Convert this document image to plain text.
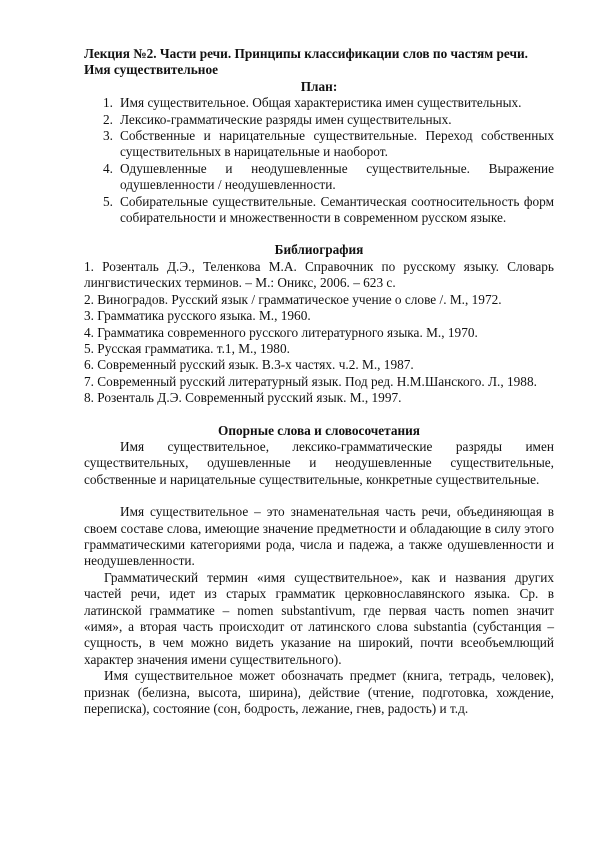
Лекция №2. Части речи. Принципы классификации слов по частям речи. Имя существительное

План:

1. Имя существительное. Общая характеристика имен существительных.
2. Лексико-грамматические разряды имен существительных.
3. Собственные и нарицательные существительные. Переход собственных существительных в нарицательные и наоборот.
4. Одушевленные и неодушевленные существительные. Выражение одушевленности / неодушевленности.
5. Собирательные существительные. Семантическая соотносительность форм собирательности и множественности в современном русском языке.

Библиография

1. Розенталь Д.Э., Теленкова М.А. Справочник по русскому языку. Словарь лингвистических терминов. – М.: Оникс, 2006. – 623 с.
2. Виноградов. Русский язык / грамматическое учение о слове /. М., 1972.
3. Грамматика русского языка. М., 1960.
4. Грамматика современного русского литературного языка. М., 1970.
5. Русская грамматика. т.1, М., 1980.
6. Современный русский язык. В.3-х частях. ч.2. М., 1987.
7. Современный русский литературный язык. Под ред. Н.М.Шанского. Л., 1988.
8. Розенталь Д.Э. Современный русский язык. М., 1997.

Опорные слова и словосочетания

Имя существительное, лексико-грамматические разряды имен существительных, одушевленные и неодушевленные существительные, собственные и нарицательные существительные, конкретные существительные.

Имя существительное – это знаменательная часть речи, объединяющая в своем составе слова, имеющие значение предметности и обладающие в силу этого грамматическими категориями рода, числа и падежа, а также одушевленности и неодушевленности.

Грамматический термин «имя существительное», как и названия других частей речи, идет из старых грамматик церковнославянского языка. Ср. в латинской грамматике – nomen substantivum, где первая часть nomen значит «имя», а вторая часть происходит от латинского слова substantia (субстанция – сущность, в чем можно видеть указание на широкий, почти всеобъемлющий характер значения имени существительного).

Имя существительное может обозначать предмет (книга, тетрадь, человек), признак (белизна, высота, ширина), действие (чтение, подготовка, хождение, переписка), состояние (сон, бодрость, лежание, гнев, радость) и т.д.
